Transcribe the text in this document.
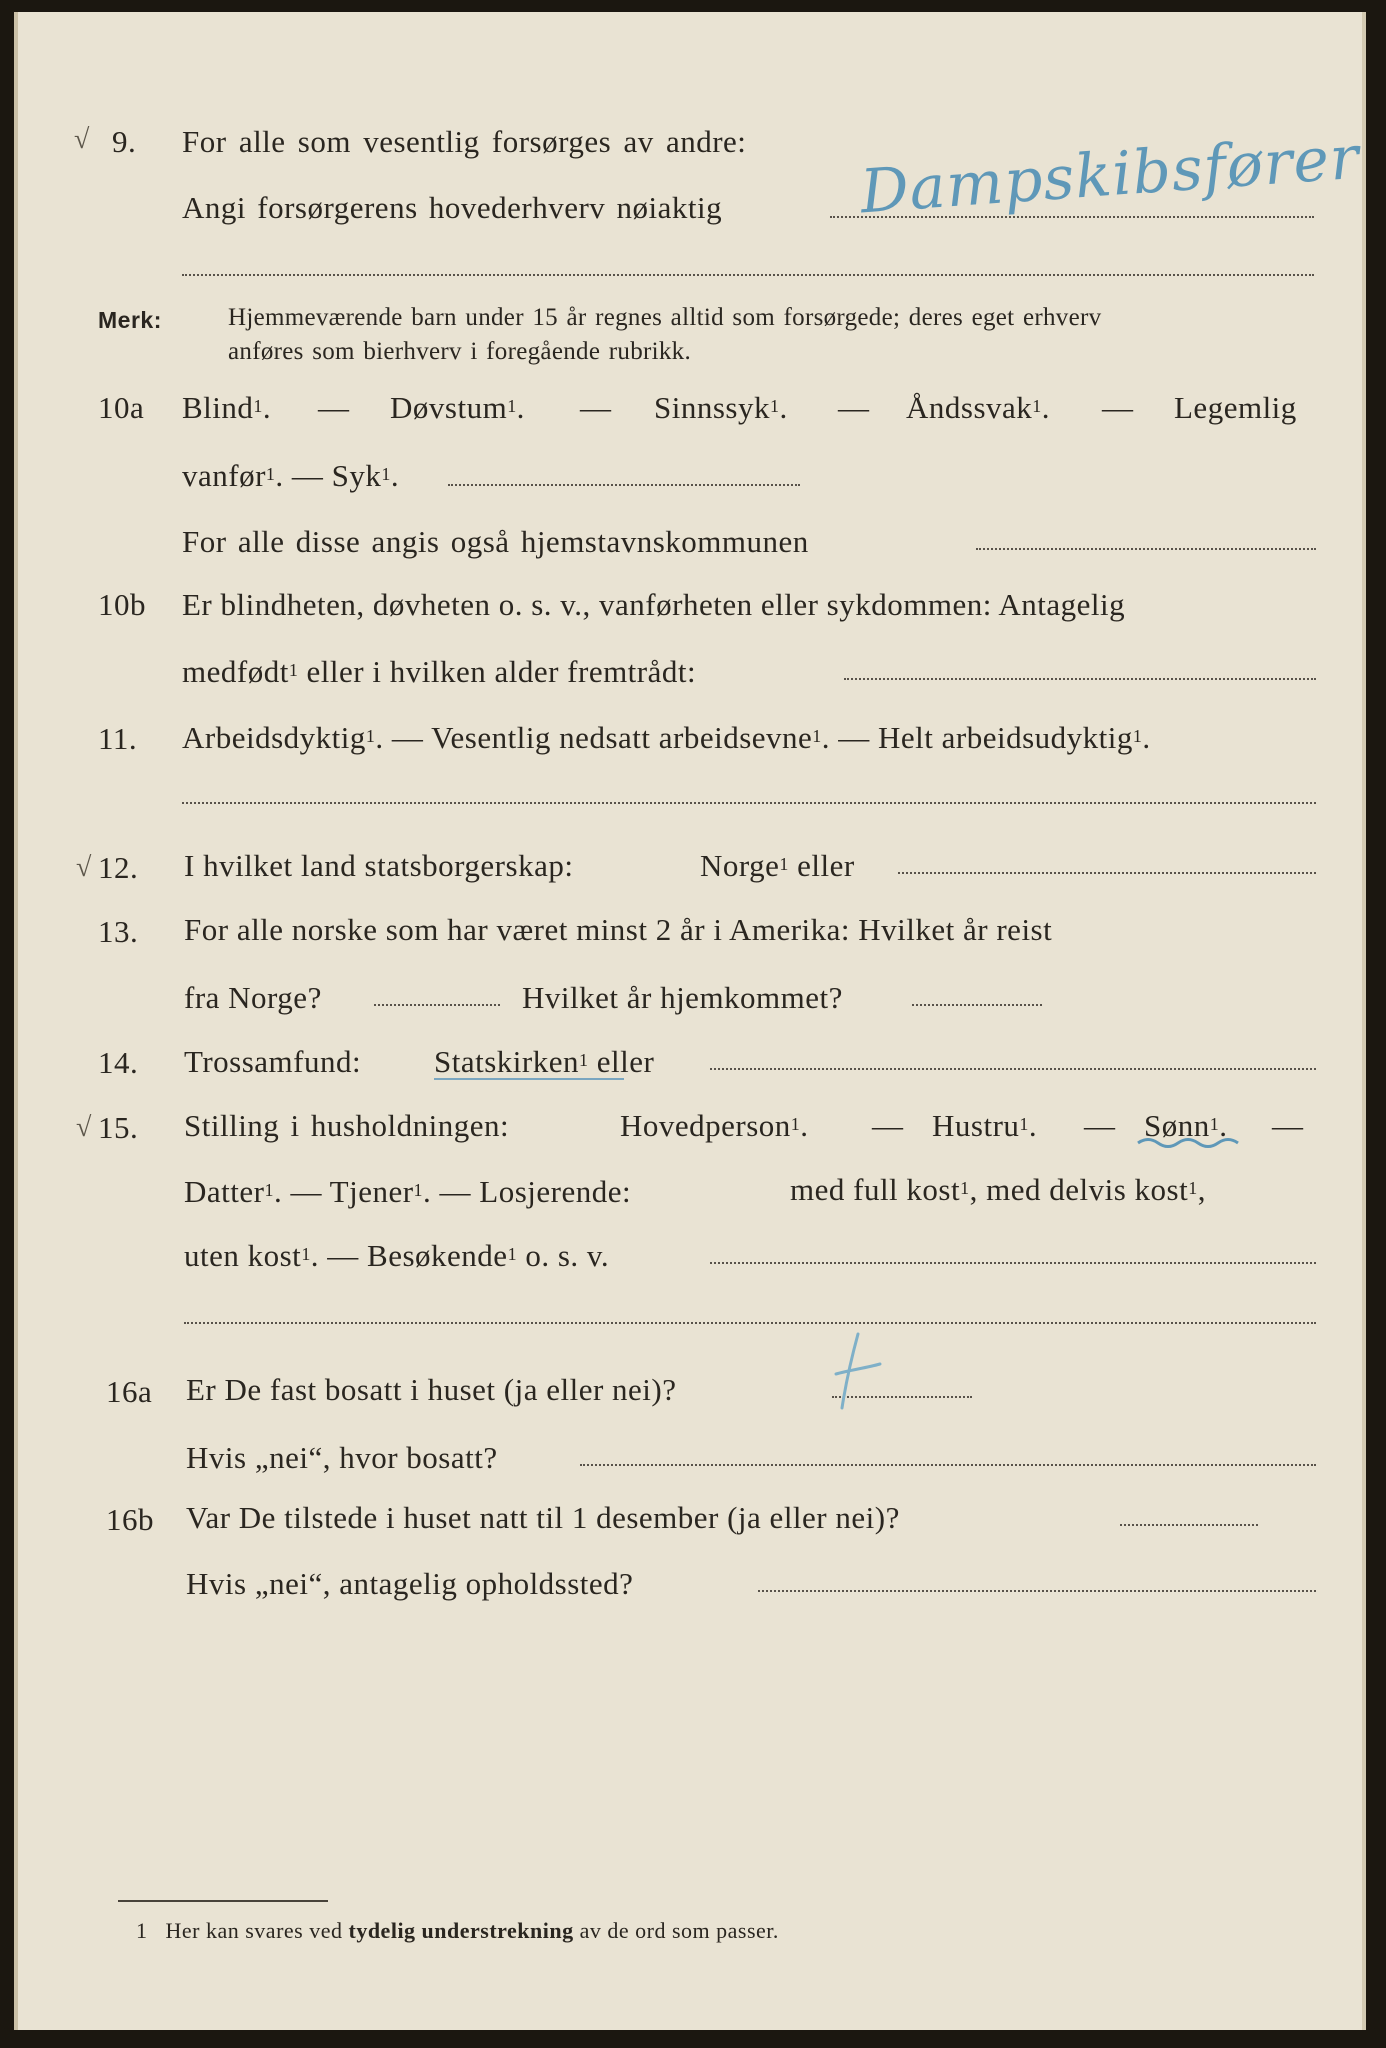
√ 9. For alle som vesentlig forsørges av andre:
Angi forsørgerens hovederhverv nøiaktig Dampskibsfører
Merk:	Hjemmeværende barn under 15 år regnes alltid som forsørgede; deres eget erhverv
anføres som bierhverv i foregående rubrikk.
10a Blind$^1$. — Døvstum$^1$. — Sinnssyk$^1$. — Åndssvak$^1$. — Legemlig
vanfør$^1$. — Syk$^1$.
For alle disse angis også hjemstavnskommunen
10b Er blindheten, døvheten o. s. v., vanførheten eller sykdommen: Antagelig
medfødt$^1$ eller i hvilken alder fremtrådt:
11. Arbeidsdyktig$^1$. — Vesentlig nedsatt arbeidsevne$^1$. — Helt arbeidsudyktig$^1$.
√ 12. I hvilket land statsborgerskap:	Norge$^1$ eller
13. For alle norske som har været minst 2 år i Amerika: Hvilket år reist
fra Norge?	Hvilket år hjemkommet?
14. Trossamfund: Statskirken$^1$ eller
√ 15. Stilling i husholdningen:	Hovedperson$^1$. — Hustru$^1$. — Sønn$^1$. —
Datter$^1$. — Tjener$^1$. — Losjerende:	med full kost$^1$, med delvis kost$^1$,
uten kost$^1$. — Besøkende$^1$ o. s. v.
16a Er De fast bosatt i huset (ja eller nei)?
Hvis „nei“, hvor bosatt?
16b Var De tilstede i huset natt til 1 desember (ja eller nei)?
Hvis „nei“, antagelig opholdssted?
1 Her kan svares ved tydelig understrekning av de ord som passer.
